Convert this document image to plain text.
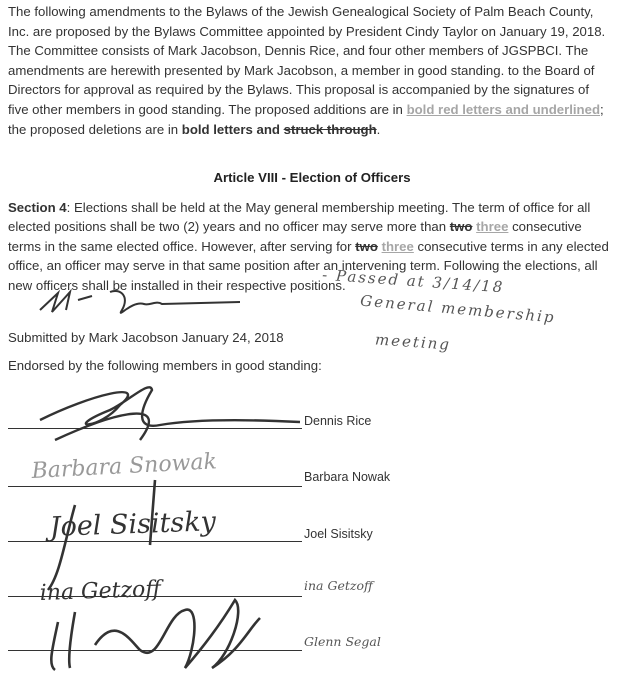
The following amendments to the Bylaws of the Jewish Genealogical Society of Palm Beach County, Inc. are proposed by the Bylaws Committee appointed by President Cindy Taylor on January 19, 2018. The Committee consists of Mark Jacobson, Dennis Rice, and four other members of JGSPBCI. The amendments are herewith presented by Mark Jacobson, a member in good standing. to the Board of Directors for approval as required by the Bylaws. This proposal is accompanied by the signatures of five other members in good standing. The proposed additions are in bold red letters and underlined; the proposed deletions are in bold letters and struck through.

Article VIII - Election of Officers

Section 4: Elections shall be held at the May general membership meeting. The term of office for all elected positions shall be two (2) years and no officer may serve more than two three consecutive terms in the same elected office. However, after serving for two three consecutive terms in any elected office, an officer may serve in that same position after an intervening term. Following the elections, all new officers shall be installed in their respective positions.

- Passed at 3/14/18
General membership
meeting

Submitted by Mark Jacobson January 24, 2018

Endorsed by the following members in good standing:

Dennis Rice
Barbara Nowak
Joel Sisitsky
ina Getzoff
Glenn Segal
Barbara Snowak
Joel Sisitsky
ina Getzoff
